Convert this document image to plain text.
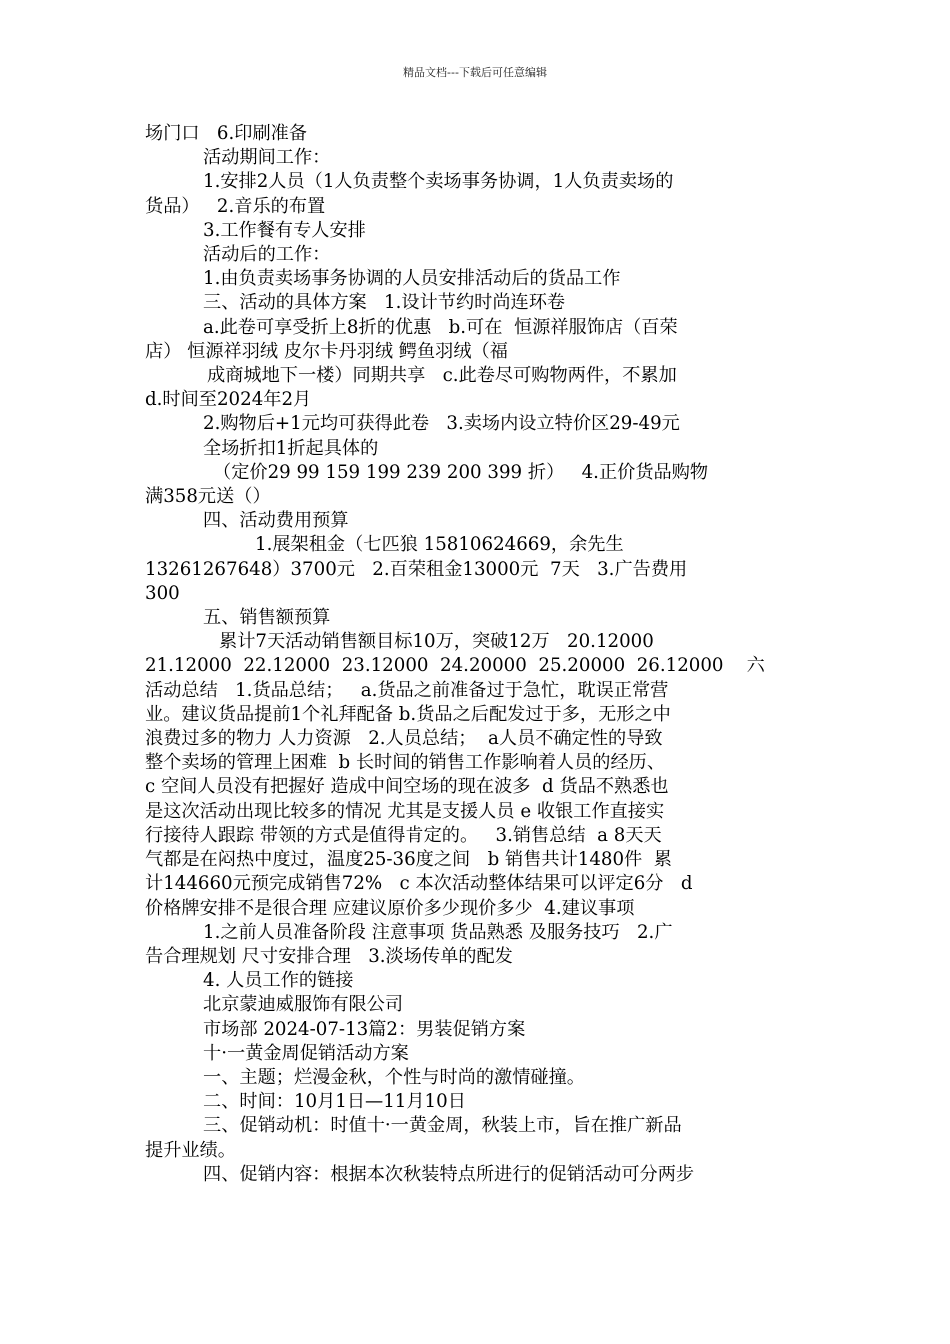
精品文档---下载后可任意编辑
场门口   6.印刷准备
活动期间工作：
1.安排2人员（1人负责整个卖场事务协调，1人负责卖场的
货品）   2.音乐的布置
3.工作餐有专人安排
活动后的工作：
1.由负责卖场事务协调的人员安排活动后的货品工作
三、活动的具体方案   1.设计节约时尚连环卷
a.此卷可享受折上8折的优惠   b.可在  恒源祥服饰店（百荣
店） 恒源祥羽绒 皮尔卡丹羽绒 鳄鱼羽绒（福
成商城地下一楼）同期共享   c.此卷尽可购物两件，不累加
d.时间至2024年2月
2.购物后+1元均可获得此卷   3.卖场内设立特价区29-49元
全场折扣1折起具体的
（定价29 99 159 199 239 200 399 折）   4.正价货品购物
满358元送（）
四、活动费用预算
1.展架租金（七匹狼 15810624669，余先生
13261267648）3700元   2.百荣租金13000元  7天   3.广告费用
300
五、销售额预算
累计7天活动销售额目标10万，突破12万   20.12000
21.12000  22.12000  23.12000  24.20000  25.20000  26.12000    六
活动总结   1.货品总结；   a.货品之前准备过于急忙，耽误正常营
业。建议货品提前1个礼拜配备 b.货品之后配发过于多，无形之中
浪费过多的物力 人力资源   2.人员总结；  a人员不确定性的导致
整个卖场的管理上困难  b 长时间的销售工作影响着人员的经历、
c 空间人员没有把握好 造成中间空场的现在波多  d 货品不熟悉也
是这次活动出现比较多的情况 尤其是支援人员 e 收银工作直接实
行接待人跟踪 带领的方式是值得肯定的。   3.销售总结  a 8天天
气都是在闷热中度过，温度25-36度之间   b 销售共计1480件  累
计144660元预完成销售72%   c 本次活动整体结果可以评定6分   d
价格牌安排不是很合理 应建议原价多少现价多少  4.建议事项
1.之前人员准备阶段 注意事项 货品熟悉 及服务技巧   2.广
告合理规划 尺寸安排合理   3.淡场传单的配发
4. 人员工作的链接
北京蒙迪威服饰有限公司
市场部 2024-07-13篇2：男装促销方案
十·一黄金周促销活动方案
一、主题；烂漫金秋，个性与时尚的激情碰撞。
二、时间：10月1日—11月10日
三、促销动机：时值十·一黄金周，秋装上市，旨在推广新品
提升业绩。
四、促销内容：根据本次秋装特点所进行的促销活动可分两步
